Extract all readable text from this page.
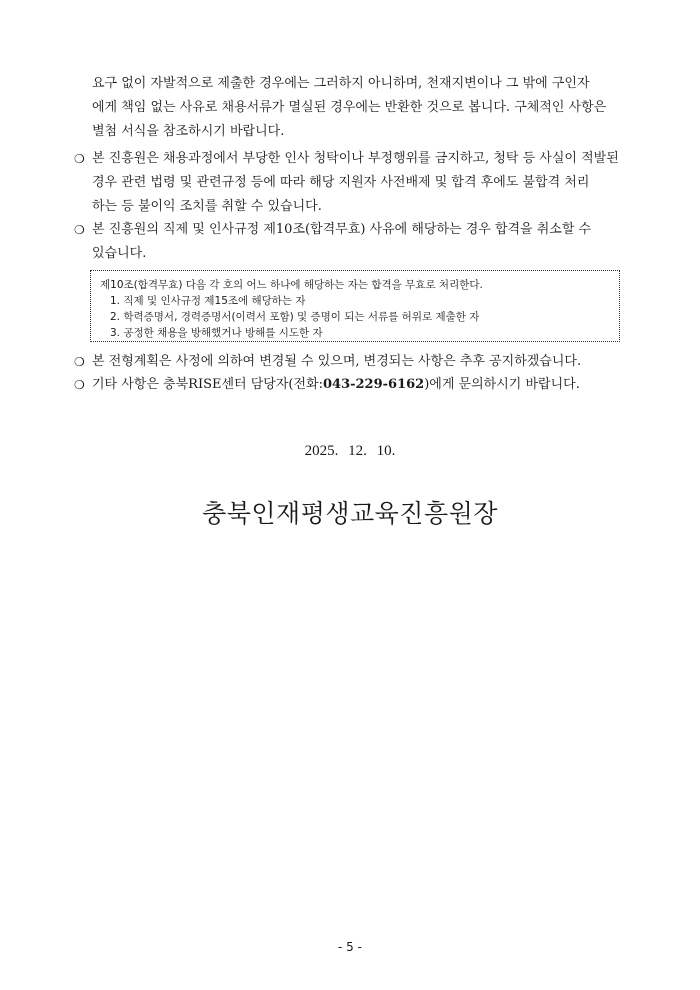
요구 없이 자발적으로 제출한 경우에는 그러하지 아니하며, 천재지변이나 그 밖에 구인자
에게 책임 없는 사유로 채용서류가 멸실된 경우에는 반환한 것으로 봅니다. 구체적인 사항은
별첨 서식을 참조하시기 바랍니다.
❍ 본 진흥원은 채용과정에서 부당한 인사 청탁이나 부정행위를 금지하고, 청탁 등 사실이 적발된
경우 관련 법령 및 관련규정 등에 따라 해당 지원자 사전배제 및 합격 후에도 불합격 처리
하는 등 불이익 조치를 취할 수 있습니다.
❍ 본 진흥원의 직제 및 인사규정 제10조(합격무효) 사유에 해당하는 경우 합격을 취소할 수
있습니다.
제10조(합격무효) 다음 각 호의 어느 하나에 해당하는 자는 합격을 무효로 처리한다.
1. 직제 및 인사규정 제15조에 해당하는 자
2. 학력증명서, 경력증명서(이력서 포함) 및 증명이 되는 서류를 허위로 제출한 자
3. 공정한 채용을 방해했거나 방해를 시도한 자
❍ 본 전형계획은 사정에 의하여 변경될 수 있으며, 변경되는 사항은 추후 공지하겠습니다.
❍ 기타 사항은 충북RISE센터 담당자(전화:043-229-6162)에게 문의하시기 바랍니다.
2025. 12. 10.
충북인재평생교육진흥원장
- 5 -
